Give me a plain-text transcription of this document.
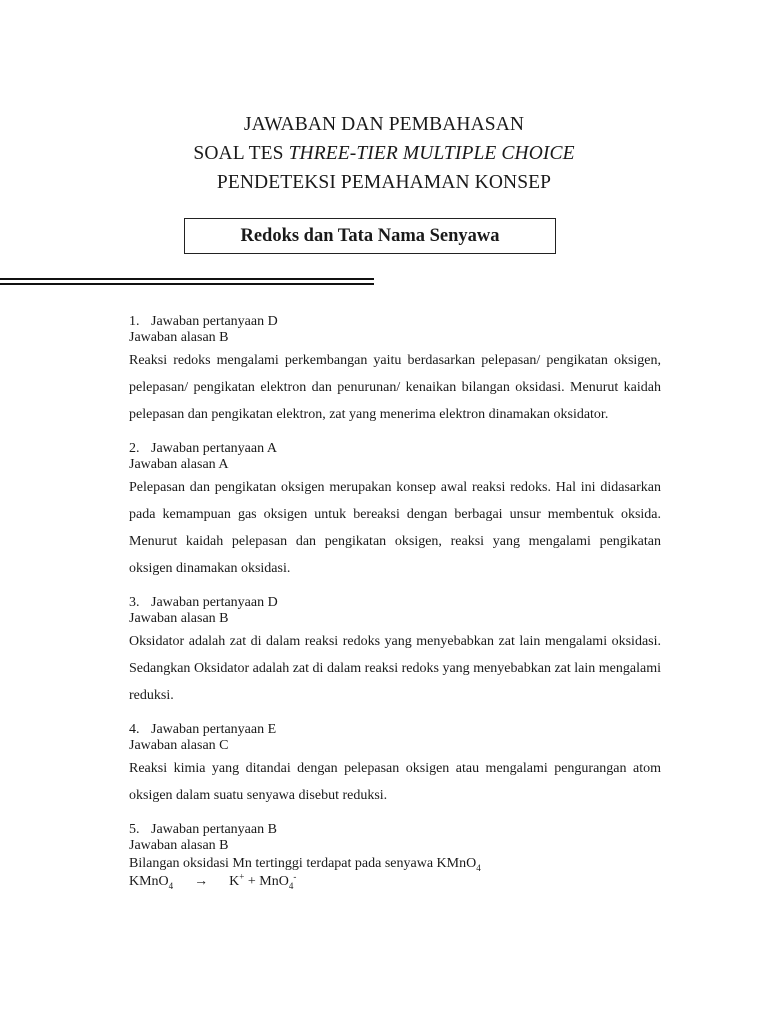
JAWABAN DAN PEMBAHASAN
SOAL TES THREE-TIER MULTIPLE CHOICE
PENDETEKSI PEMAHAMAN KONSEP
Redoks dan Tata Nama Senyawa
1. Jawaban pertanyaan D
Jawaban alasan B
Reaksi redoks mengalami perkembangan yaitu berdasarkan pelepasan/ pengikatan oksigen, pelepasan/ pengikatan elektron dan penurunan/ kenaikan bilangan oksidasi. Menurut kaidah pelepasan dan pengikatan elektron, zat yang menerima elektron dinamakan oksidator.
2. Jawaban pertanyaan A
Jawaban alasan A
Pelepasan dan pengikatan oksigen merupakan konsep awal reaksi redoks. Hal ini didasarkan pada kemampuan gas oksigen untuk bereaksi dengan berbagai unsur membentuk oksida. Menurut kaidah pelepasan dan pengikatan oksigen, reaksi yang mengalami pengikatan oksigen dinamakan oksidasi.
3. Jawaban pertanyaan D
Jawaban alasan B
Oksidator adalah zat di dalam reaksi redoks yang menyebabkan zat lain mengalami oksidasi. Sedangkan Oksidator adalah zat di dalam reaksi redoks yang menyebabkan zat lain mengalami reduksi.
4. Jawaban pertanyaan E
Jawaban alasan C
Reaksi kimia yang ditandai dengan pelepasan oksigen atau mengalami pengurangan atom oksigen dalam suatu senyawa disebut reduksi.
5. Jawaban pertanyaan B
Jawaban alasan B
Bilangan oksidasi Mn tertinggi terdapat pada senyawa KMnO$_4$
KMnO$_4$ → K+ + MnO$_4$-
